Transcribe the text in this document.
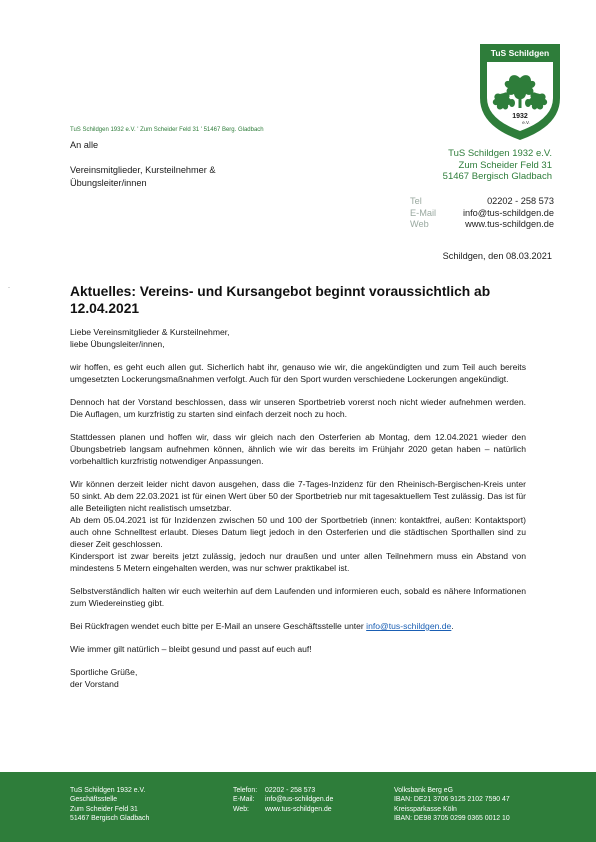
TuS Schildgen 1932 e.V. ' Zum Scheider Feld 31 ' 51467 Berg. Gladbach
An alle
Vereinsmitglieder, Kursteilnehmer &
Übungsleiter/innen
TuS Schildgen
1932
e.V.
TuS Schildgen 1932 e.V.
Zum Scheider Feld 31
51467 Bergisch Gladbach
Tel	02202 - 258 573
E-Mail	info@tus-schildgen.de
Web	www.tus-schildgen.de
Schildgen, den 08.03.2021
-	Aktuelles: Vereins- und Kursangebot beginnt voraussichtlich ab 12.04.2021

Liebe Vereinsmitglieder & Kursteilnehmer,

liebe Übungsleiter/innen,

wir hoffen, es geht euch allen gut. Sicherlich habt ihr, genauso wie wir, die angekündigten und zum Teil auch bereits umgesetzten Lockerungsmaßnahmen verfolgt. Auch für den Sport wurden verschiedene Lockerungen angekündigt.

Dennoch hat der Vorstand beschlossen, dass wir unseren Sportbetrieb vorerst noch nicht wieder aufnehmen werden. Die Auflagen, um kurzfristig zu starten sind einfach derzeit noch zu hoch.

Stattdessen planen und hoffen wir, dass wir gleich nach den Osterferien ab Montag, dem 12.04.2021 wieder den Übungsbetrieb langsam aufnehmen können, ähnlich wie wir das bereits im Frühjahr 2020 getan haben – natürlich vorbehaltlich kurzfristig notwendiger Anpassungen.

Wir können derzeit leider nicht davon ausgehen, dass die 7-Tages-Inzidenz für den Rheinisch-Bergischen-Kreis unter 50 sinkt. Ab dem 22.03.2021 ist für einen Wert über 50 der Sportbetrieb nur mit tagesaktuellem Test zulässig. Das ist für alle Beteiligten nicht realistisch umsetzbar.

Ab dem 05.04.2021 ist für Inzidenzen zwischen 50 und 100 der Sportbetrieb (innen: kontaktfrei, außen: Kontaktsport) auch ohne Schnelltest erlaubt. Dieses Datum liegt jedoch in den Osterferien und die städtischen Sporthallen sind zu dieser Zeit geschlossen.

Kindersport ist zwar bereits jetzt zulässig, jedoch nur draußen und unter allen Teilnehmern muss ein Abstand von mindestens 5 Metern eingehalten werden, was nur schwer praktikabel ist.

Selbstverständlich halten wir euch weiterhin auf dem Laufenden und informieren euch, sobald es nähere Informationen zum Wiedereinstieg gibt.

Bei Rückfragen wendet euch bitte per E-Mail an unsere Geschäftsstelle unter info@tus-schildgen.de.

Wie immer gilt natürlich – bleibt gesund und passt auf euch auf!

Sportliche Grüße,

der Vorstand

TuS Schildgen 1932 e.V.
Geschäftsstelle
Zum Scheider Feld 31
51467 Bergisch Gladbach
Telefon:	02202 - 258 573
E-Mail:	info@tus-schildgen.de
Web:	www.tus-schildgen.de
Volksbank Berg eG
IBAN: DE21 3706 9125 2102 7590 47
Kreissparkasse Köln
IBAN: DE98 3705 0299 0365 0012 10
